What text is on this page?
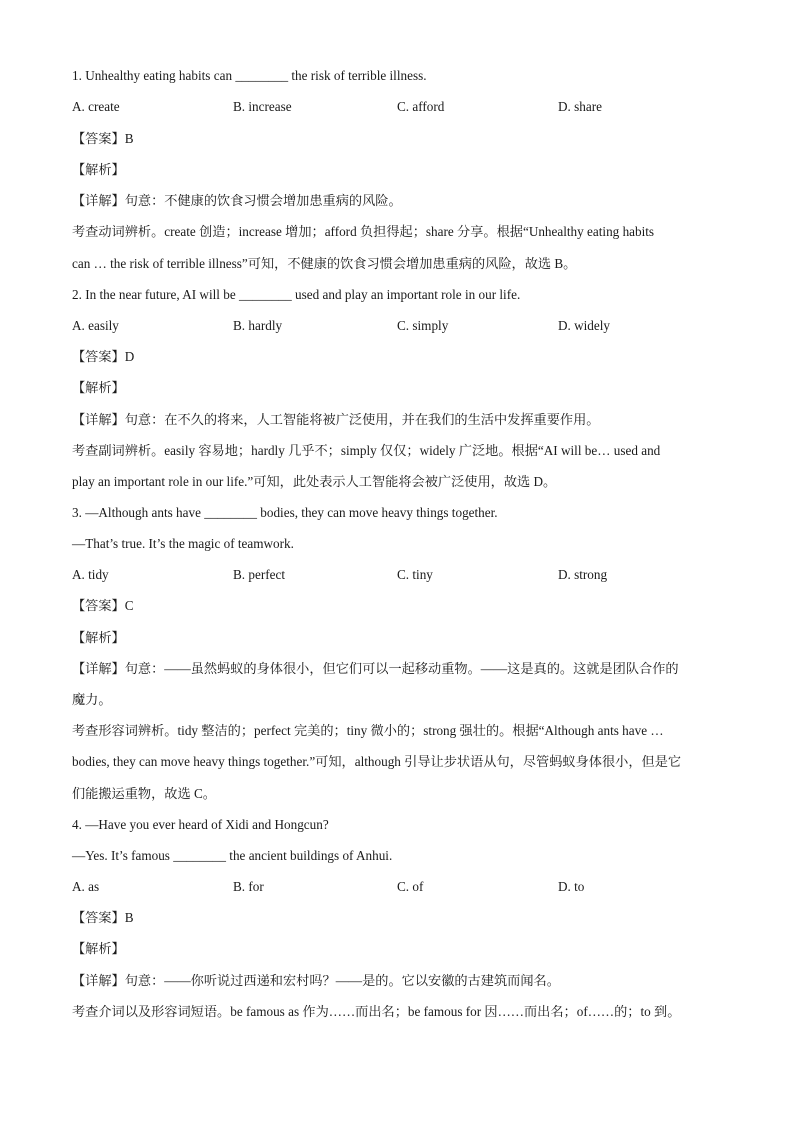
1. Unhealthy eating habits can ________ the risk of terrible illness.
A. create	B. increase	C. afford	D. share
【答案】B
【解析】
【详解】句意：不健康的饮食习惯会增加患重病的风险。
考查动词辨析。create 创造；increase 增加；afford 负担得起；share 分享。根据“Unhealthy eating habits
can … the risk of terrible illness”可知，不健康的饮食习惯会增加患重病的风险，故选 B。
2. In the near future, AI will be ________ used and play an important role in our life.
A. easily	B. hardly	C. simply	D. widely
【答案】D
【解析】
【详解】句意：在不久的将来，人工智能将被广泛使用，并在我们的生活中发挥重要作用。
考查副词辨析。easily 容易地；hardly 几乎不；simply 仅仅；widely 广泛地。根据“AI will be… used and
play an important role in our life.”可知，此处表示人工智能将会被广泛使用，故选 D。
3. —Although ants have ________ bodies, they can move heavy things together.
—That’s true. It’s the magic of teamwork.
A. tidy	B. perfect	C. tiny	D. strong
【答案】C
【解析】
【详解】句意：——虽然蚂蚁的身体很小，但它们可以一起移动重物。——这是真的。这就是团队合作的
魔力。
考查形容词辨析。tidy 整洁的；perfect 完美的；tiny 微小的；strong 强壮的。根据“Although ants have …
bodies, they can move heavy things together.”可知，although 引导让步状语从句，尽管蚂蚁身体很小，但是它
们能搬运重物，故选 C。
4. —Have you ever heard of Xidi and Hongcun?
—Yes. It’s famous ________ the ancient buildings of Anhui.
A. as	B. for	C. of	D. to
【答案】B
【解析】
【详解】句意：——你听说过西递和宏村吗？——是的。它以安徽的古建筑而闻名。
考查介词以及形容词短语。be famous as 作为……而出名；be famous for 因……而出名；of……的；to 到。
